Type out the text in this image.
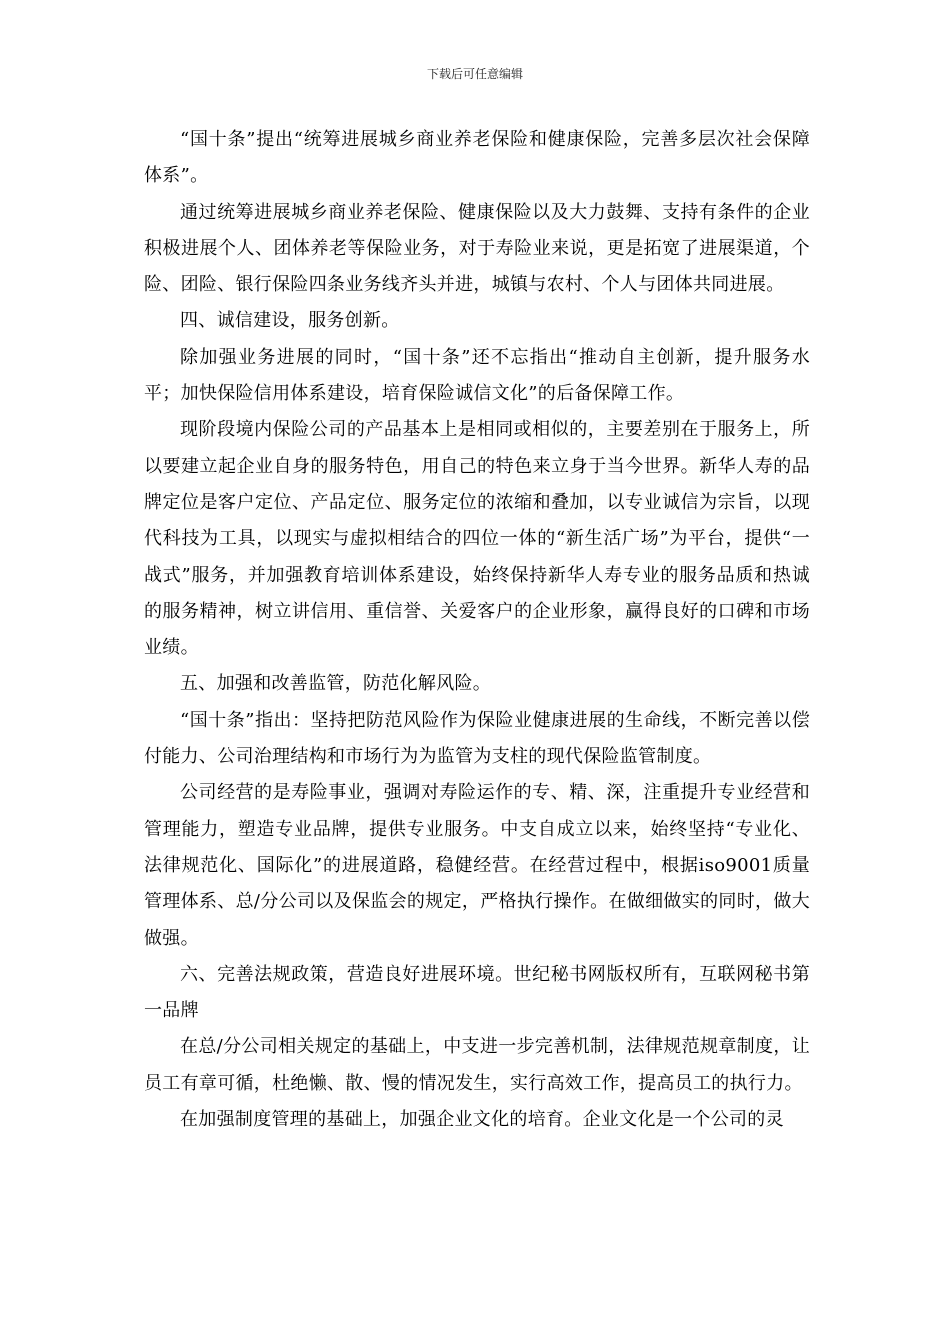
下载后可任意编辑

“国十条”提出“统筹进展城乡商业养老保险和健康保险，完善多层次社会保障体系”。

通过统筹进展城乡商业养老保险、健康保险以及大力鼓舞、支持有条件的企业积极进展个人、团体养老等保险业务，对于寿险业来说，更是拓宽了进展渠道，个险、团险、银行保险四条业务线齐头并进，城镇与农村、个人与团体共同进展。

四、诚信建设，服务创新。

除加强业务进展的同时，“国十条”还不忘指出“推动自主创新，提升服务水平；加快保险信用体系建设，培育保险诚信文化”的后备保障工作。

现阶段境内保险公司的产品基本上是相同或相似的，主要差别在于服务上，所以要建立起企业自身的服务特色，用自己的特色来立身于当今世界。新华人寿的品牌定位是客户定位、产品定位、服务定位的浓缩和叠加，以专业诚信为宗旨，以现代科技为工具，以现实与虚拟相结合的四位一体的“新生活广场”为平台，提供“一战式”服务，并加强教育培训体系建设，始终保持新华人寿专业的服务品质和热诚的服务精神，树立讲信用、重信誉、关爱客户的企业形象，赢得良好的口碑和市场业绩。

五、加强和改善监管，防范化解风险。

“国十条”指出：坚持把防范风险作为保险业健康进展的生命线，不断完善以偿付能力、公司治理结构和市场行为为监管为支柱的现代保险监管制度。

公司经营的是寿险事业，强调对寿险运作的专、精、深，注重提升专业经营和管理能力，塑造专业品牌，提供专业服务。中支自成立以来，始终坚持“专业化、法律规范化、国际化”的进展道路，稳健经营。在经营过程中，根据iso9001质量管理体系、总/分公司以及保监会的规定，严格执行操作。在做细做实的同时，做大做强。

六、完善法规政策，营造良好进展环境。世纪秘书网版权所有，互联网秘书第一品牌

在总/分公司相关规定的基础上，中支进一步完善机制，法律规范规章制度，让员工有章可循，杜绝懒、散、慢的情况发生，实行高效工作，提高员工的执行力。

在加强制度管理的基础上，加强企业文化的培育。企业文化是一个公司的灵
